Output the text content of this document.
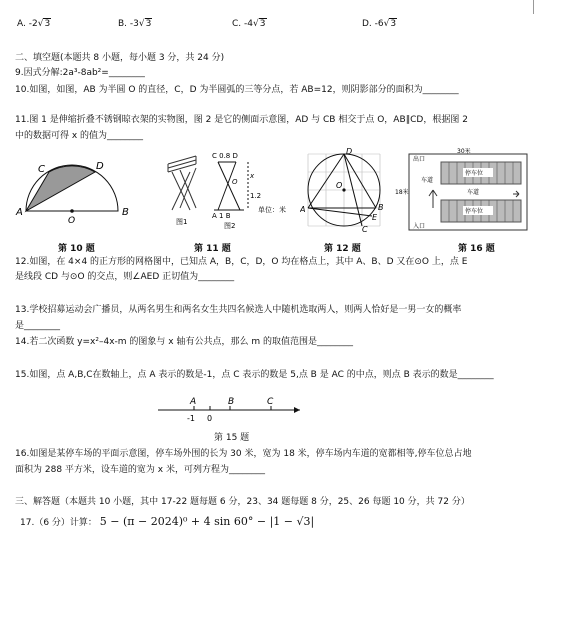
A. -2√3	B. -3√3	C. -4√3	D. -6√3
二、填空题(本题共 8 小题，每小题 3 分，共 24 分)
9.因式分解:2a³-8ab²=________
10.如图，如图，AB 为半圆 O 的直径，C，D 为半圆弧的三等分点，若 AB=12，则阴影部分的面积为________
11.图 1 是伸缩折叠不锈钢晾衣架的实物图，图 2 是它的侧面示意图，AD 与 CB 相交于点 O，AB∥CD，根据图 2
中的数据可得 x 的值为________
A	B
C	D
O	图1
C 0.8 D
x
1.2
O
A 1 B
单位：米
图2
A
D
B
E
C
O
30米
18米
出口
入口
停车位
停车位
车道
车道
第 10 题	第 11 题	第 12 题	第 16 题
12.如图，在 4×4 的正方形的网格图中，已知点 A，B，C，D，O 均在格点上，其中 A、B、D 又在⊙O 上，点 E
是线段 CD 与⊙O 的交点，则∠AED 正切值为________
13.学校招募运动会广播员，从两名男生和两名女生共四名候选人中随机选取两人，则两人恰好是一男一女的概率
是________
14.若二次函数 y=x²–4x-m 的图象与 x 轴有公共点，那么 m 的取值范围是________
15.如图，点 A,B,C在数轴上，点 A 表示的数是-1，点 C 表示的数是 5,点 B 是 AC 的中点，则点 B 表示的数是________
A	B	C
-1 0
第 15 题
16.如图是某停车场的平面示意图，停车场外围的长为 30 米，宽为 18 米，停车场内车道的宽都相等,停车位总占地
面积为 288 平方米，设车道的宽为 x 米，可列方程为________
三、解答题（本题共 10 小题，其中 17-22 题每题 6 分，23、34 题每题 8 分，25、26 每题 10 分，共 72 分）
17.（6 分）计算： 5 − (π − 2024)⁰ + 4 sin 60° − |1 − √3|
